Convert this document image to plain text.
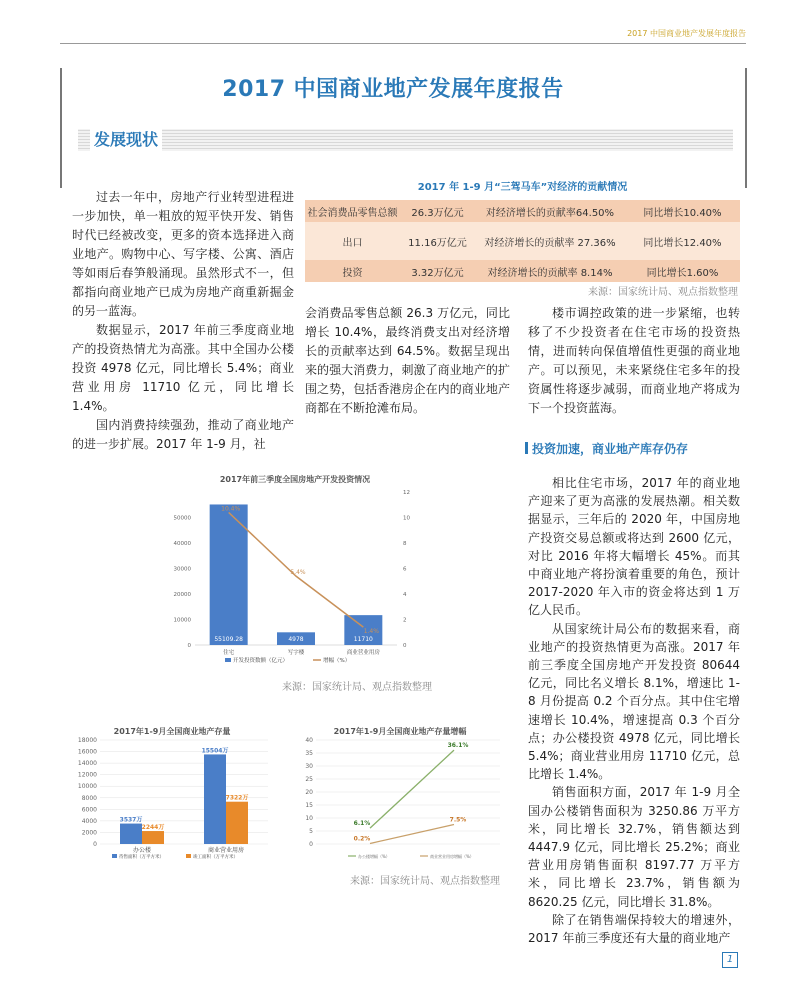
2017 中国商业地产发展年度报告
2017 中国商业地产发展年度报告
发展现状

过去一年中，房地产行业转型进程进一步加快，单一粗放的短平快开发、销售时代已经被改变，更多的资本选择进入商业地产。购物中心、写字楼、公寓、酒店等如雨后春笋般涌现。虽然形式不一，但都指向商业地产已成为房地产商重新掘金的另一蓝海。

数据显示，2017 年前三季度商业地产的投资热情尤为高涨。其中全国办公楼投资 4978 亿元，同比增长 5.4%；商业营业用房 11710 亿元，同比增长 1.4%。

国内消费持续强劲，推动了商业地产的进一步扩展。2017 年 1-9 月，社

2017 年 1-9 月“三驾马车”对经济的贡献情况
社会消费品零售总额	26.3万亿元	对经济增长的贡献率64.50%	同比增长10.40%
出口	11.16万亿元	对经济增长的贡献率 27.36%	同比增长12.40%
投资	3.32万亿元	对经济增长的贡献率 8.14%	同比增长1.60%
来源：国家统计局、观点指数整理

会消费品零售总额 26.3 万亿元，同比增长 10.4%，最终消费支出对经济增长的贡献率达到 64.5%。数据呈现出来的强大消费力，刺激了商业地产的扩围之势，包括香港房企在内的商业地产商都在不断抢滩布局。

楼市调控政策的进一步紧缩，也转移了不少投资者在住宅市场的投资热情，进而转向保值增值性更强的商业地产。可以预见，未来紧绕住宅多年的投资属性将逐步减弱，而商业地产将成为下一个投资蓝海。

投资加速，商业地产库存仍存

相比住宅市场，2017 年的商业地产迎来了更为高涨的发展热潮。相关数据显示，三年后的 2020 年，中国房地产投资交易总额或将达到 2600 亿元，对比 2016 年将大幅增长 45%。而其中商业地产将扮演着重要的角色，预计 2017-2020 年入市的资金将达到 1 万亿人民币。

从国家统计局公布的数据来看，商业地产的投资热情更为高涨。2017 年前三季度全国房地产开发投资 80644 亿元，同比名义增长 8.1%，增速比 1-8 月份提高 0.2 个百分点。其中住宅增速增长 10.4%，增速提高 0.3 个百分点；办公楼投资 4978 亿元，同比增长 5.4%；商业营业用房 11710 亿元，总比增长 1.4%。

销售面积方面，2017 年 1-9 月全国办公楼销售面积为 3250.86 万平方米，同比增长 32.7%，销售额达到 4447.9 亿元，同比增长 25.2%；商业营业用房销售面积 8197.77 万平方米，同比增长 23.7%，销售额为 8620.25 亿元，同比增长 31.8%。

除了在销售端保持较大的增速外，2017 年前三季度还有大量的商业地产

2017年前三季度全国房地产开发投资情况
0
10000
20000
30000
40000
50000
0
2
4
6
8
10
12
55109.28
住宅
4978
写字楼
11710
商业营业用房
10.4%
5.4%
1.4%
开发投资数额（亿元）	增幅（%）
来源：国家统计局、观点指数整理
2017年1-9月全国商业地产存量
0
2000
4000
6000
8000
10000
12000
14000
16000
18000
3537万
2244万
办公楼
15504万
7322万
商业营业用房
待售面积（万平方米）	竣工面积（万平方米）
2017年1-9月全国商业地产存量增幅
0
5
10
15
20
25
30
35
40
6.1%
36.1%
0.2%
7.5%
办公楼增幅（%）	商业营业用房增幅（%）
来源：国家统计局、观点指数整理
1
